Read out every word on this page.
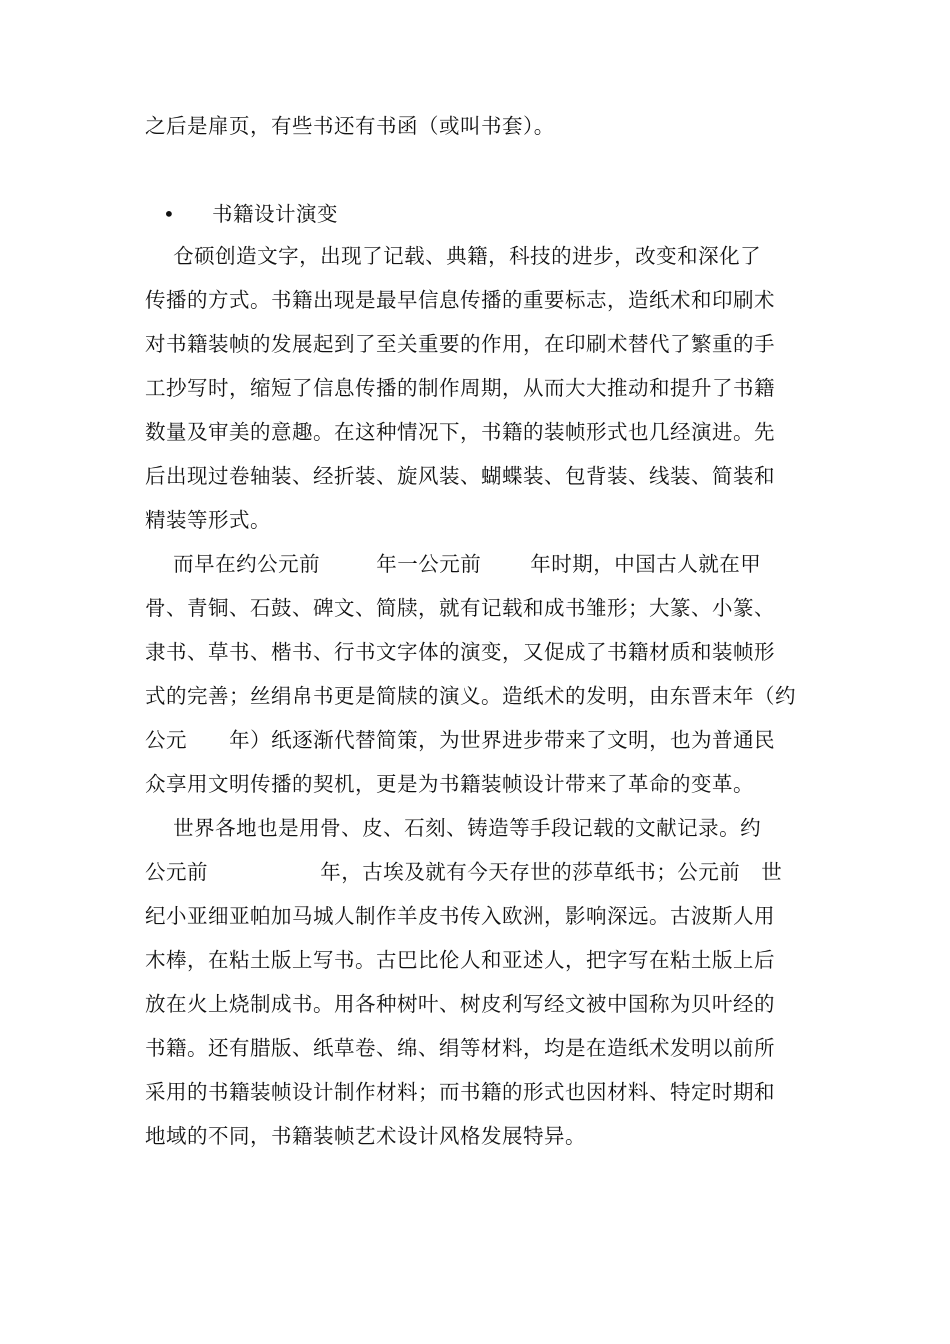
之后是扉页，有些书还有书函（或叫书套）。
• 书籍设计演变
仓硕创造文字，出现了记载、典籍，科技的进步，改变和深化了
传播的方式。书籍出现是最早信息传播的重要标志，造纸术和印刷术
对书籍装帧的发展起到了至关重要的作用，在印刷术替代了繁重的手
工抄写时，缩短了信息传播的制作周期，从而大大推动和提升了书籍
数量及审美的意趣。在这种情况下，书籍的装帧形式也几经演进。先
后出现过卷轴装、经折装、旋风装、蝴蝶装、包背装、线装、简装和
精装等形式。
而早在约公元前        年一公元前       年时期，中国古人就在甲
骨、青铜、石鼓、碑文、简牍，就有记载和成书雏形；大篆、小篆、
隶书、草书、楷书、行书文字体的演变，又促成了书籍材质和装帧形
式的完善；丝绢帛书更是简牍的演义。造纸术的发明，由东晋末年（约
公元      年）纸逐渐代替简策，为世界进步带来了文明，也为普通民
众享用文明传播的契机，更是为书籍装帧设计带来了革命的变革。
世界各地也是用骨、皮、石刻、铸造等手段记载的文献记录。约
公元前                年，古埃及就有今天存世的莎草纸书；公元前   世
纪小亚细亚帕加马城人制作羊皮书传入欧洲，影响深远。古波斯人用
木棒，在粘土版上写书。古巴比伦人和亚述人，把字写在粘土版上后
放在火上烧制成书。用各种树叶、树皮利写经文被中国称为贝叶经的
书籍。还有腊版、纸草卷、绵、绢等材料，均是在造纸术发明以前所
采用的书籍装帧设计制作材料；而书籍的形式也因材料、特定时期和
地域的不同，书籍装帧艺术设计风格发展特异。
